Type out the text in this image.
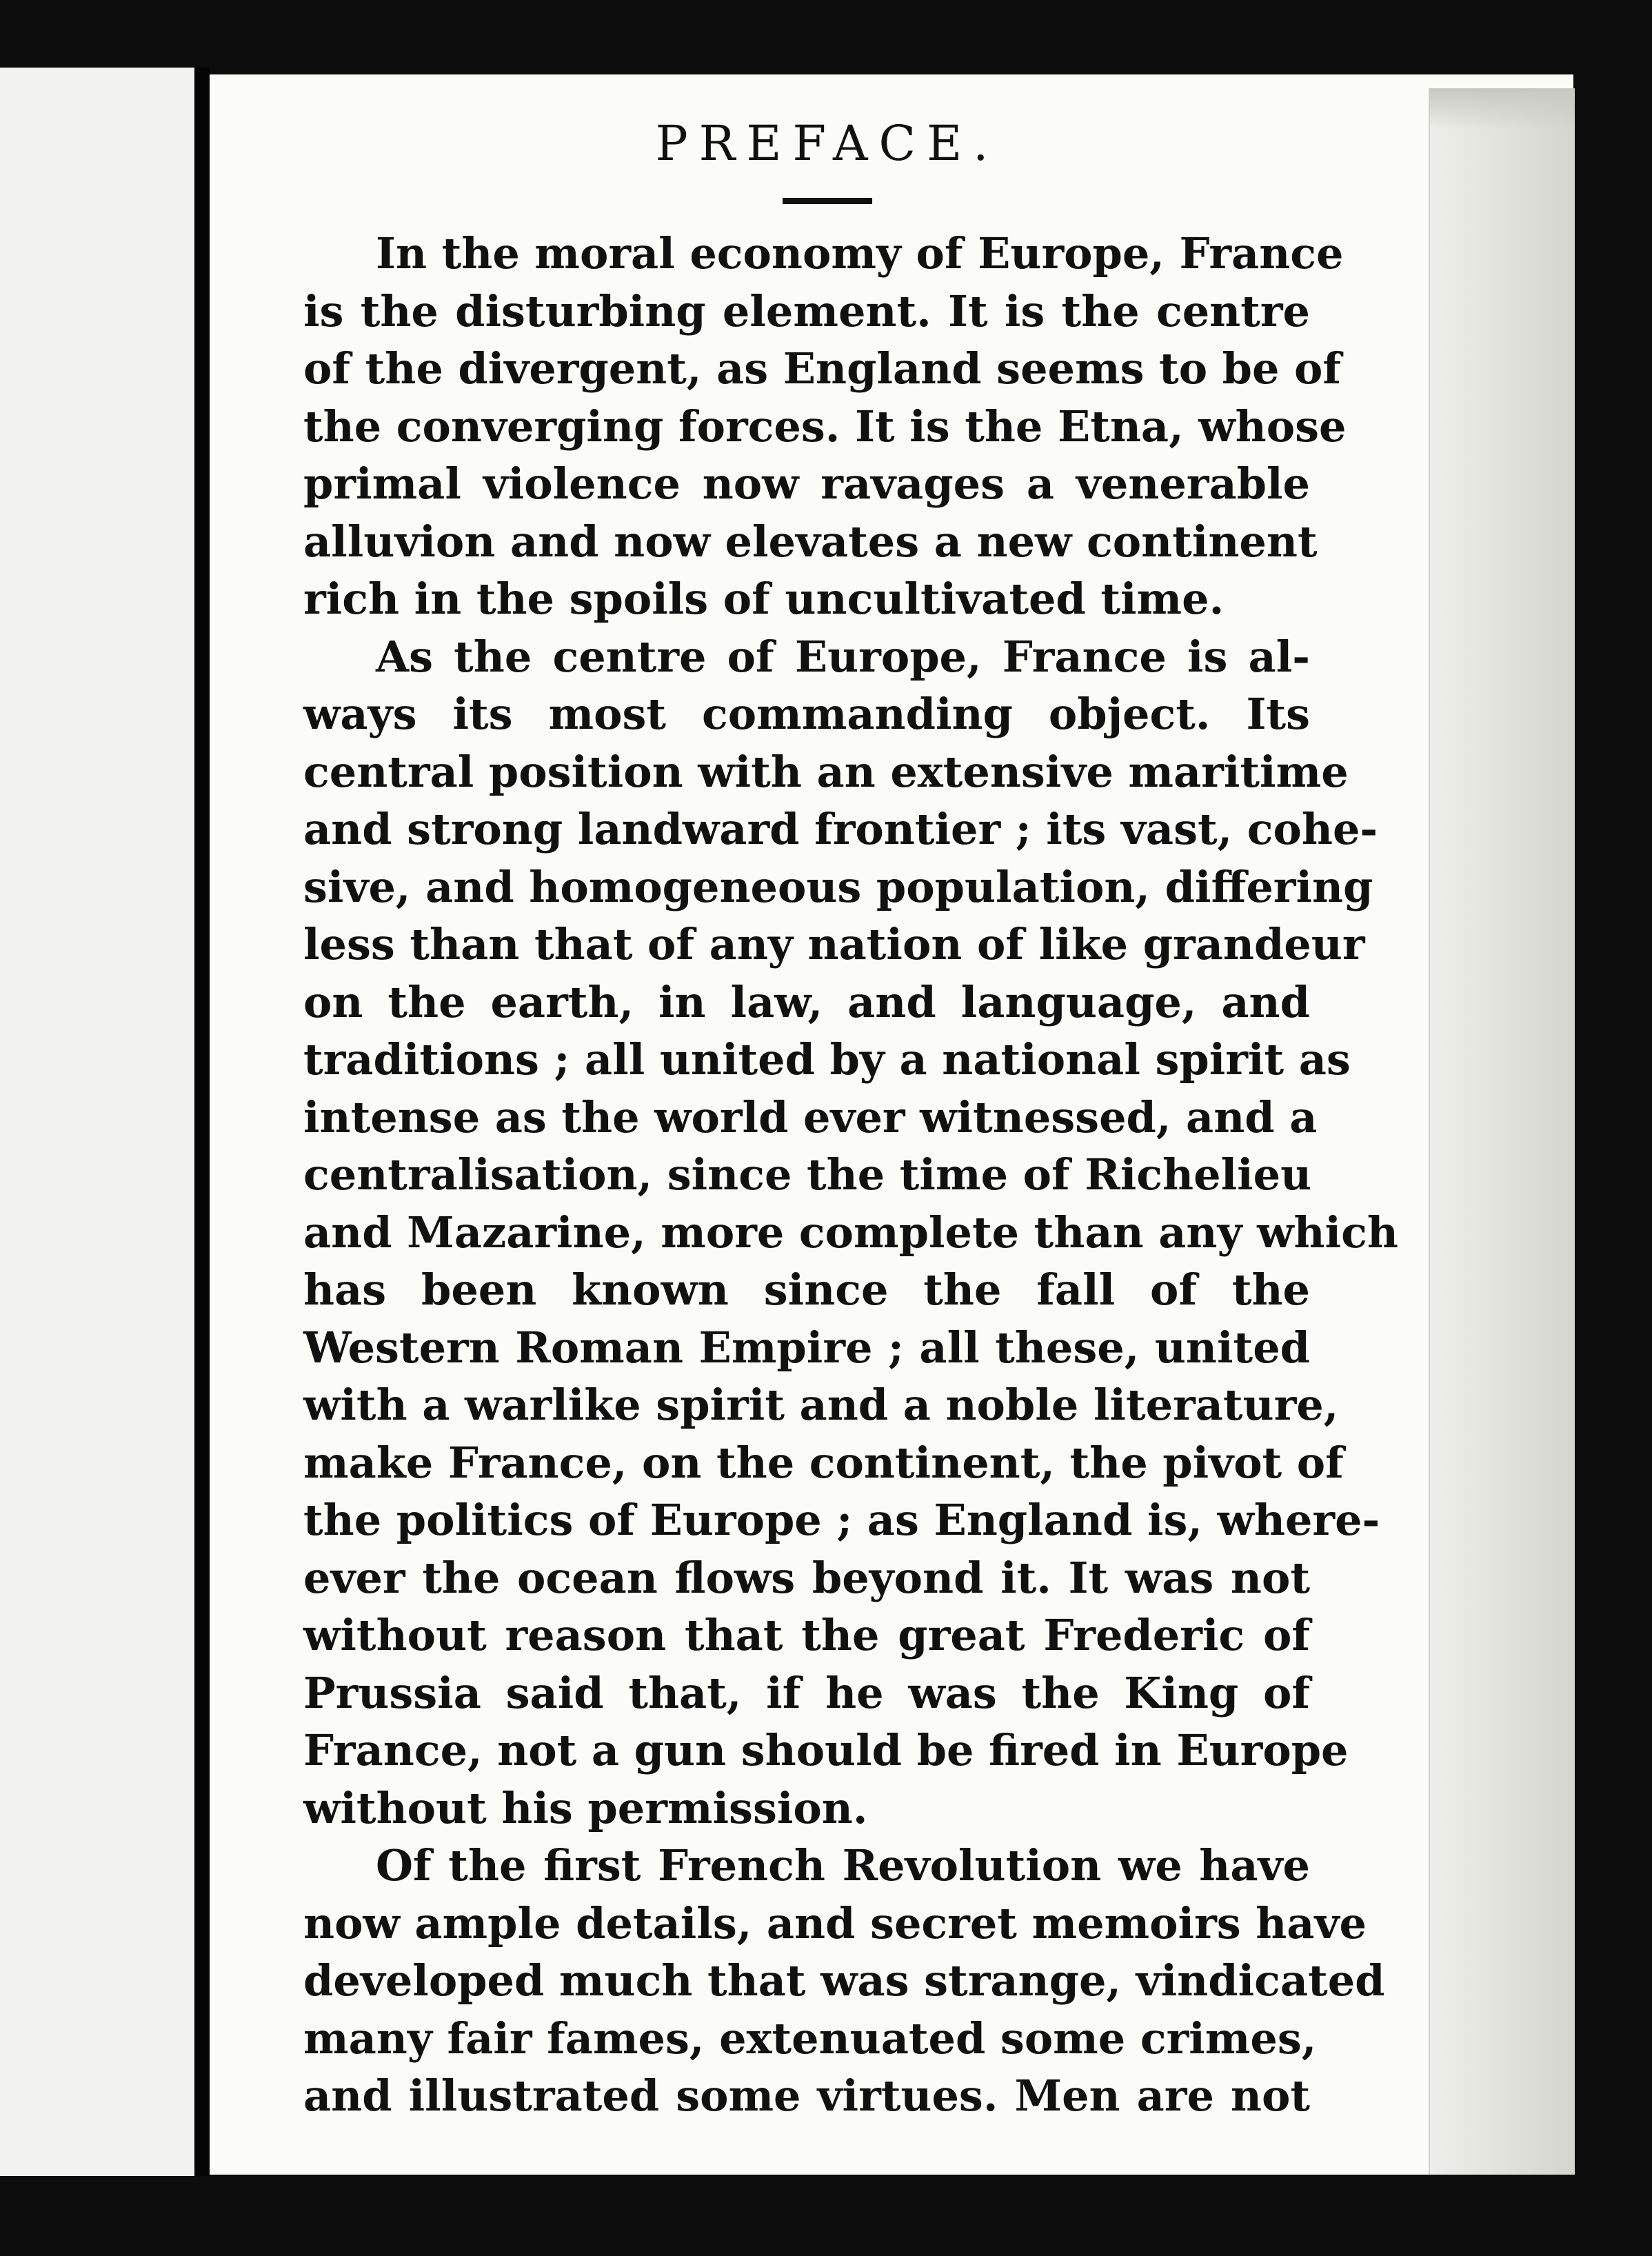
PREFACE.

In the moral economy of Europe, France
is the disturbing element. It is the centre
of the divergent, as England seems to be of
the converging forces. It is the Etna, whose
primal violence now ravages a venerable
alluvion and now elevates a new continent
rich in the spoils of uncultivated time.

As the centre of Europe, France is al-
ways its most commanding object. Its
central position with an extensive maritime
and strong landward frontier ; its vast, cohe-
sive, and homogeneous population, differing
less than that of any nation of like grandeur
on the earth, in law, and language, and
traditions ; all united by a national spirit as
intense as the world ever witnessed, and a
centralisation, since the time of Richelieu
and Mazarine, more complete than any which
has been known since the fall of the
Western Roman Empire ; all these, united
with a warlike spirit and a noble literature,
make France, on the continent, the pivot of
the politics of Europe ; as England is, where-
ever the ocean flows beyond it. It was not
without reason that the great Frederic of
Prussia said that, if he was the King of
France, not a gun should be fired in Europe
without his permission.

Of the first French Revolution we have
now ample details, and secret memoirs have
developed much that was strange, vindicated
many fair fames, extenuated some crimes,
and illustrated some virtues. Men are not
